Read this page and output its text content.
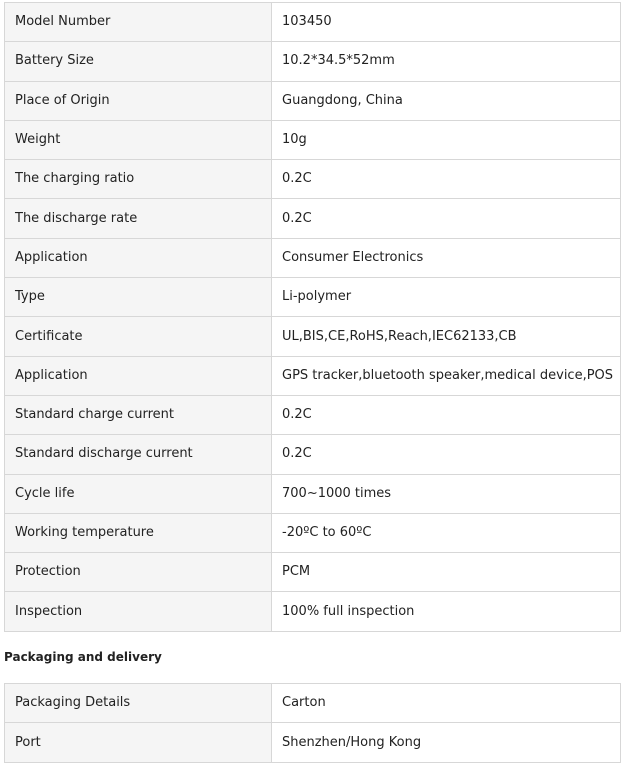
Model Number	103450
Battery Size	10.2*34.5*52mm
Place of Origin	Guangdong, China
Weight	10g
The charging ratio	0.2C
The discharge rate	0.2C
Application	Consumer Electronics
Type	Li-polymer
Certificate	UL,BIS,CE,RoHS,Reach,IEC62133,CB
Application	GPS tracker,bluetooth speaker,medical device,POS
Standard charge current	0.2C
Standard discharge current	0.2C
Cycle life	700~1000 times
Working temperature	-20ºC to 60ºC
Protection	PCM
Inspection	100% full inspection
Packaging and delivery
Packaging Details	Carton
Port	Shenzhen/Hong Kong
